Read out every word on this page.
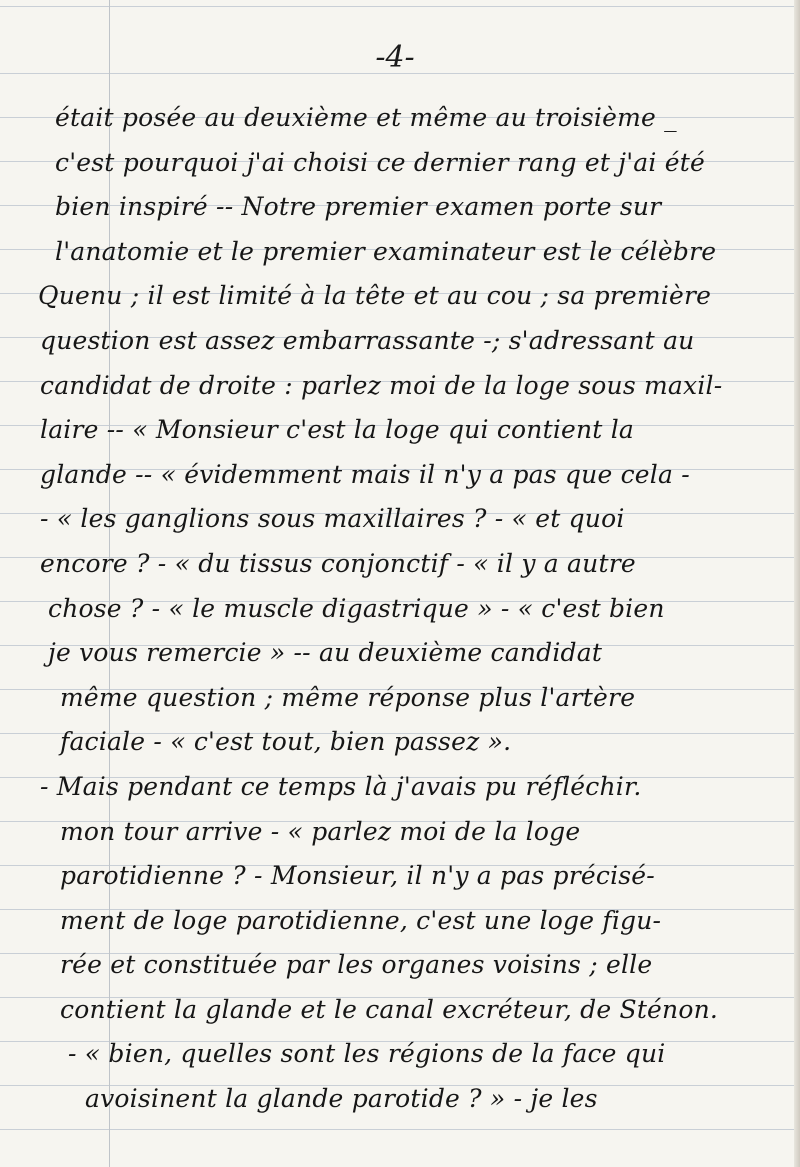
-4-
était posée au deuxième et même au troisième _
c'est pourquoi j'ai choisi ce dernier rang et j'ai été
bien inspiré -- Notre premier examen porte sur
l'anatomie et le premier examinateur est le célèbre
Quenu ; il est limité à la tête et au cou ; sa première
question est assez embarrassante -; s'adressant au
candidat de droite : parlez moi de la loge sous maxil-
laire -- « Monsieur c'est la loge qui contient la
glande -- « évidemment mais il n'y a pas que cela -
- « les ganglions sous maxillaires ? - « et quoi
encore ? - « du tissus conjonctif - « il y a autre
chose ? - « le muscle digastrique » - « c'est bien
je vous remercie » -- au deuxième candidat
même question ; même réponse plus l'artère
faciale - « c'est tout, bien passez ».
- Mais pendant ce temps là j'avais pu réfléchir.
mon tour arrive - « parlez moi de la loge
parotidienne ? - Monsieur, il n'y a pas précisé-
ment de loge parotidienne, c'est une loge figu-
rée et constituée par les organes voisins ; elle
contient la glande et le canal excréteur, de Sténon.
- « bien, quelles sont les régions de la face qui
avoisinent la glande parotide ? » - je les
